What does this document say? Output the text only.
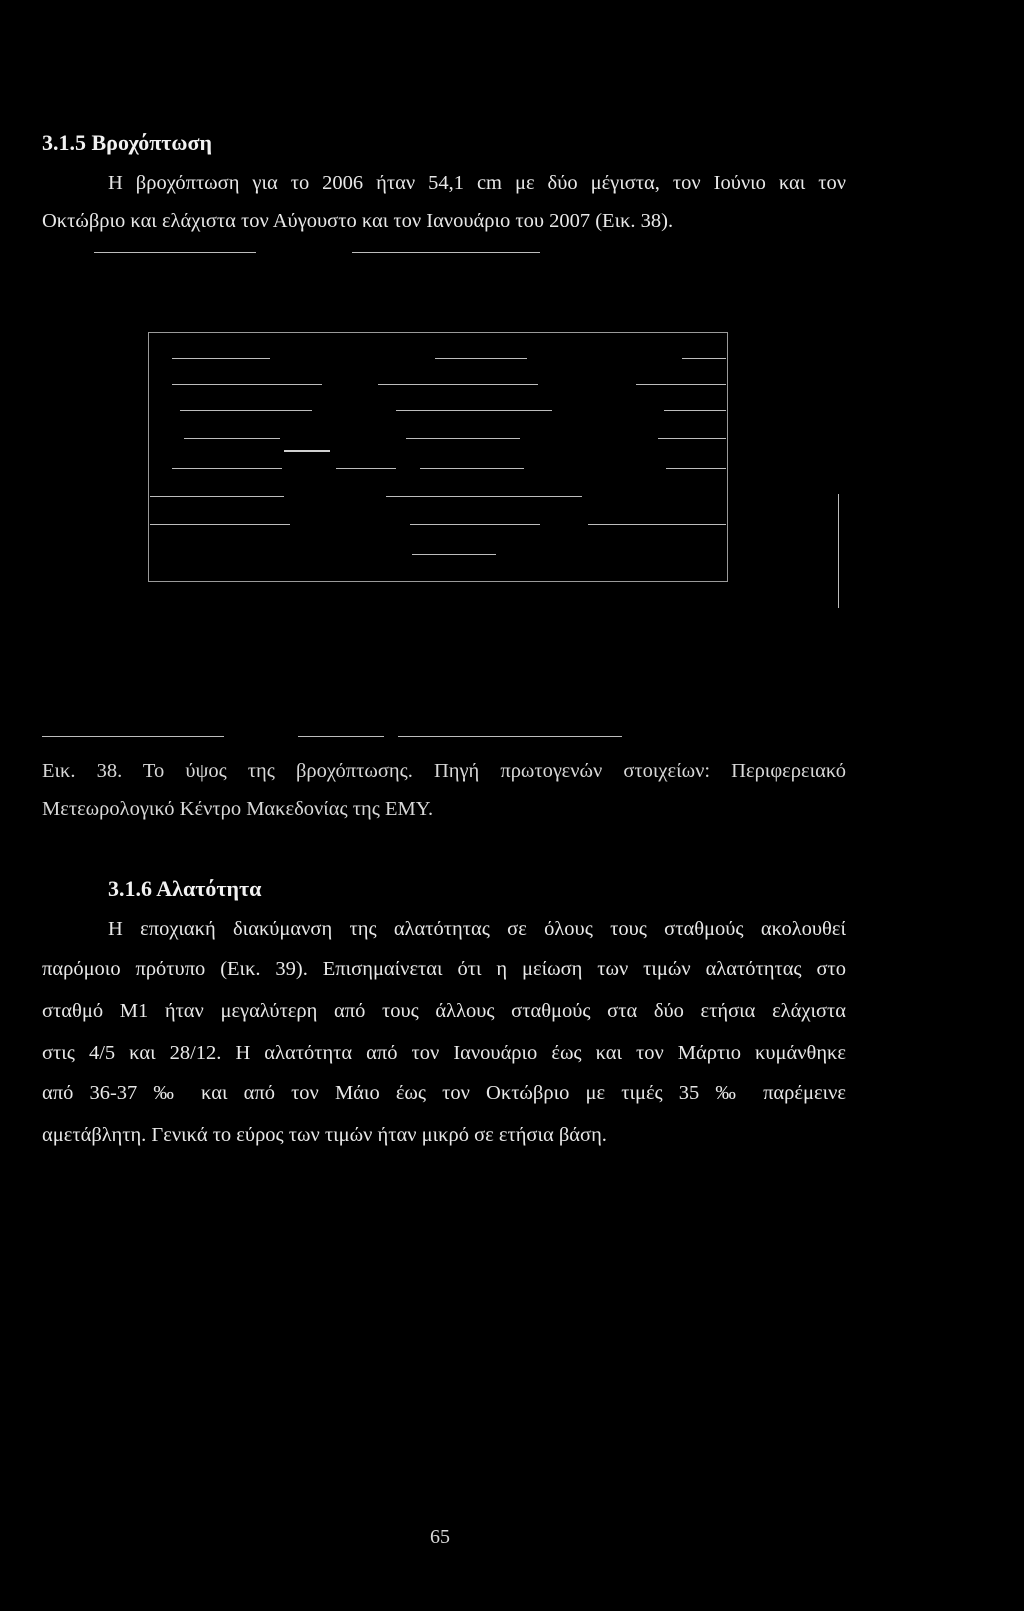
3.1.5 Βροχόπτωση
Η βροχόπτωση για το 2006 ήταν 54,1 cm με δύο μέγιστα, τον Ιούνιο και τον
Οκτώβριο και ελάχιστα τον Αύγουστο και τον Ιανουάριο του 2007 (Εικ. 38).
Εικ. 38. Το ύψος της βροχόπτωσης. Πηγή πρωτογενών στοιχείων: Περιφερειακό
Μετεωρολογικό Κέντρο Μακεδονίας της ΕΜΥ.
3.1.6 Αλατότητα
Η εποχιακή διακύμανση της αλατότητας σε όλους τους σταθμούς ακολουθεί
παρόμοιο πρότυπο (Εικ. 39). Επισημαίνεται ότι η μείωση των τιμών αλατότητας στο
σταθμό Μ1 ήταν μεγαλύτερη από τους άλλους σταθμούς στα δύο ετήσια ελάχιστα
στις 4/5 και 28/12. Η αλατότητα από τον Ιανουάριο έως και τον Μάρτιο κυμάνθηκε
από 36-37 ‰ και από τον Μάιο έως τον Οκτώβριο με τιμές 35 ‰ παρέμεινε
αμετάβλητη. Γενικά το εύρος των τιμών ήταν μικρό σε ετήσια βάση.
65
